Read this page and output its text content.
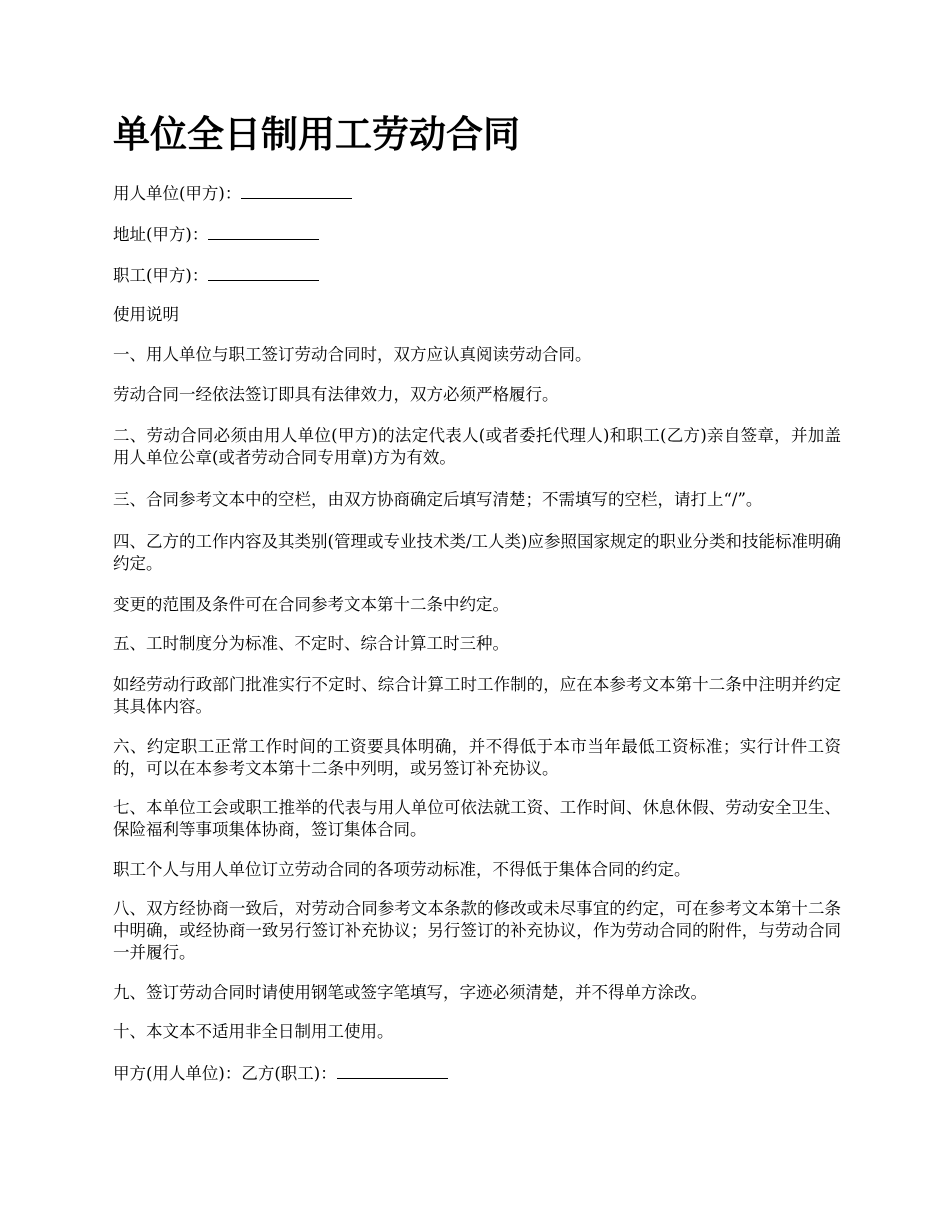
单位全日制用工劳动合同

用人单位(甲方)：

地址(甲方)：

职工(甲方)：

使用说明

一、用人单位与职工签订劳动合同时，双方应认真阅读劳动合同。

劳动合同一经依法签订即具有法律效力，双方必须严格履行。

二、劳动合同必须由用人单位(甲方)的法定代表人(或者委托代理人)和职工(乙方)亲自签章，并加盖用人单位公章(或者劳动合同专用章)方为有效。

三、合同参考文本中的空栏，由双方协商确定后填写清楚；不需填写的空栏，请打上“/”。

四、乙方的工作内容及其类别(管理或专业技术类/工人类)应参照国家规定的职业分类和技能标准明确约定。

变更的范围及条件可在合同参考文本第十二条中约定。

五、工时制度分为标准、不定时、综合计算工时三种。

如经劳动行政部门批准实行不定时、综合计算工时工作制的，应在本参考文本第十二条中注明并约定其具体内容。

六、约定职工正常工作时间的工资要具体明确，并不得低于本市当年最低工资标准；实行计件工资的，可以在本参考文本第十二条中列明，或另签订补充协议。

七、本单位工会或职工推举的代表与用人单位可依法就工资、工作时间、休息休假、劳动安全卫生、保险福利等事项集体协商，签订集体合同。

职工个人与用人单位订立劳动合同的各项劳动标准，不得低于集体合同的约定。

八、双方经协商一致后，对劳动合同参考文本条款的修改或未尽事宜的约定，可在参考文本第十二条中明确，或经协商一致另行签订补充协议；另行签订的补充协议，作为劳动合同的附件，与劳动合同一并履行。

九、签订劳动合同时请使用钢笔或签字笔填写，字迹必须清楚，并不得单方涂改。

十、本文本不适用非全日制用工使用。

甲方(用人单位)：乙方(职工)：
